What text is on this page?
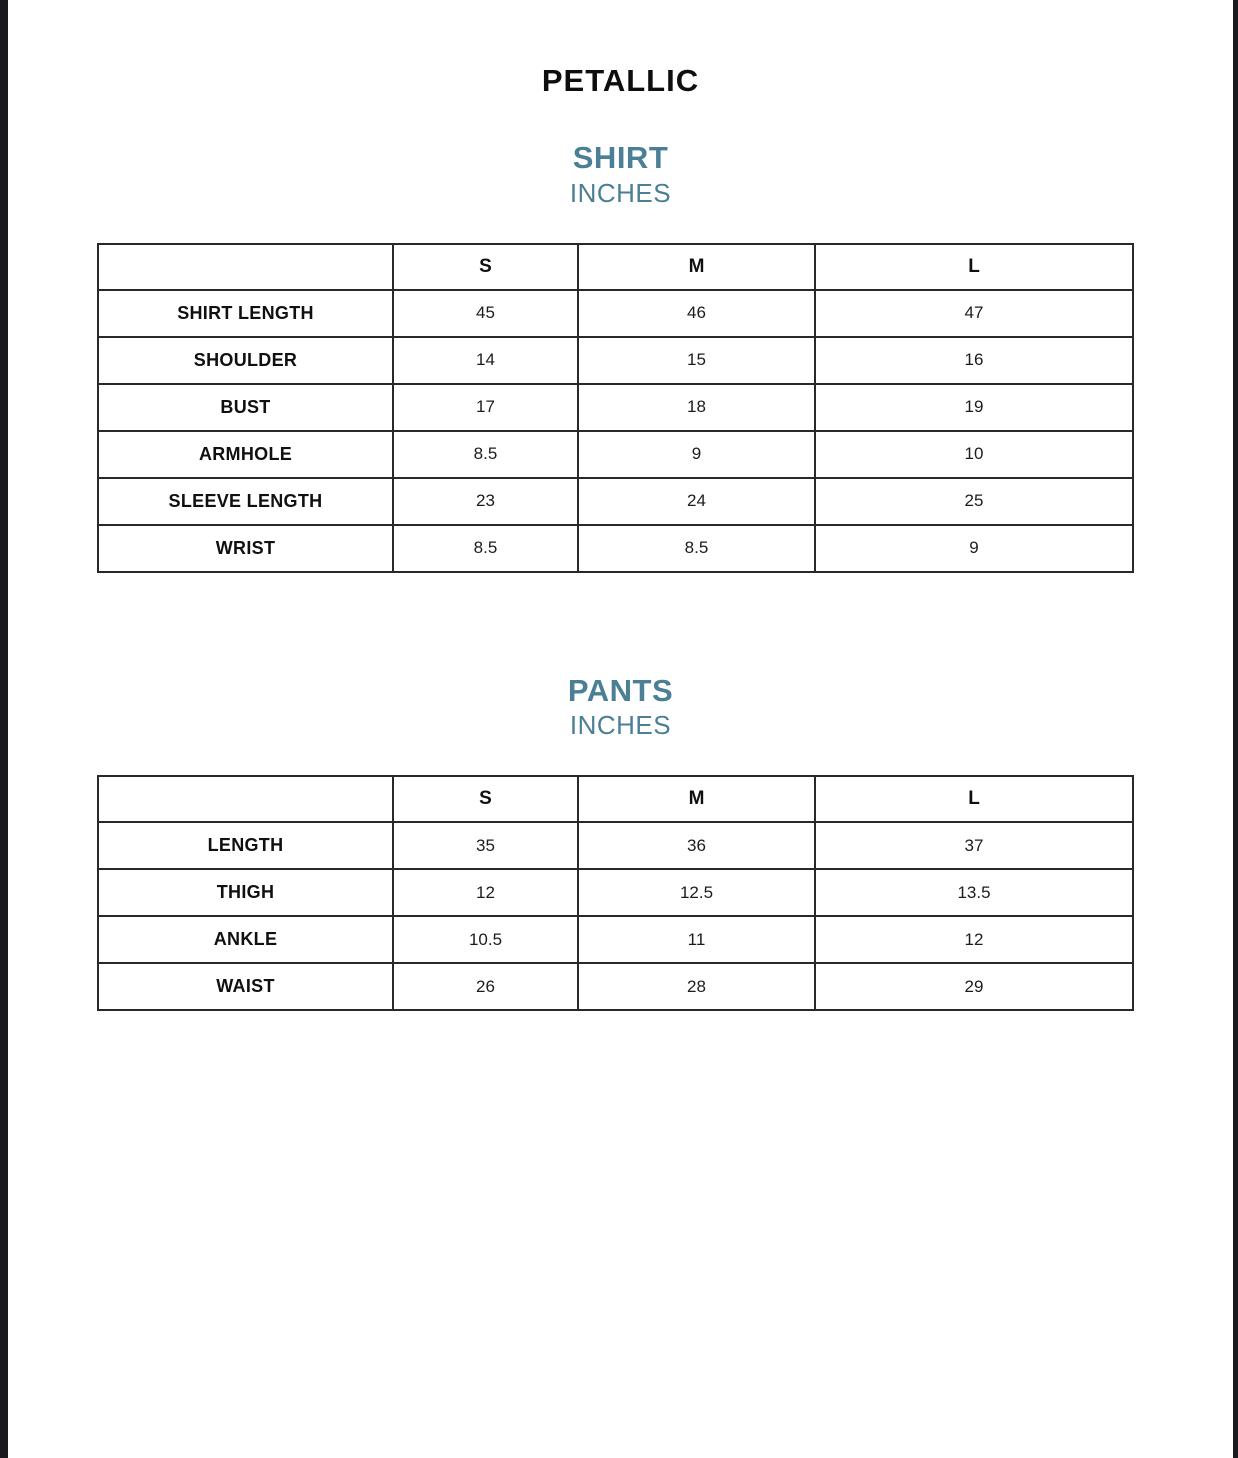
PETALLIC
SHIRT
INCHES
	S	M	L
SHIRT LENGTH	45	46	47
SHOULDER	14	15	16
BUST	17	18	19
ARMHOLE	8.5	9	10
SLEEVE LENGTH	23	24	25
WRIST	8.5	8.5	9
PANTS
INCHES
	S	M	L
LENGTH	35	36	37
THIGH	12	12.5	13.5
ANKLE	10.5	11	12
WAIST	26	28	29
